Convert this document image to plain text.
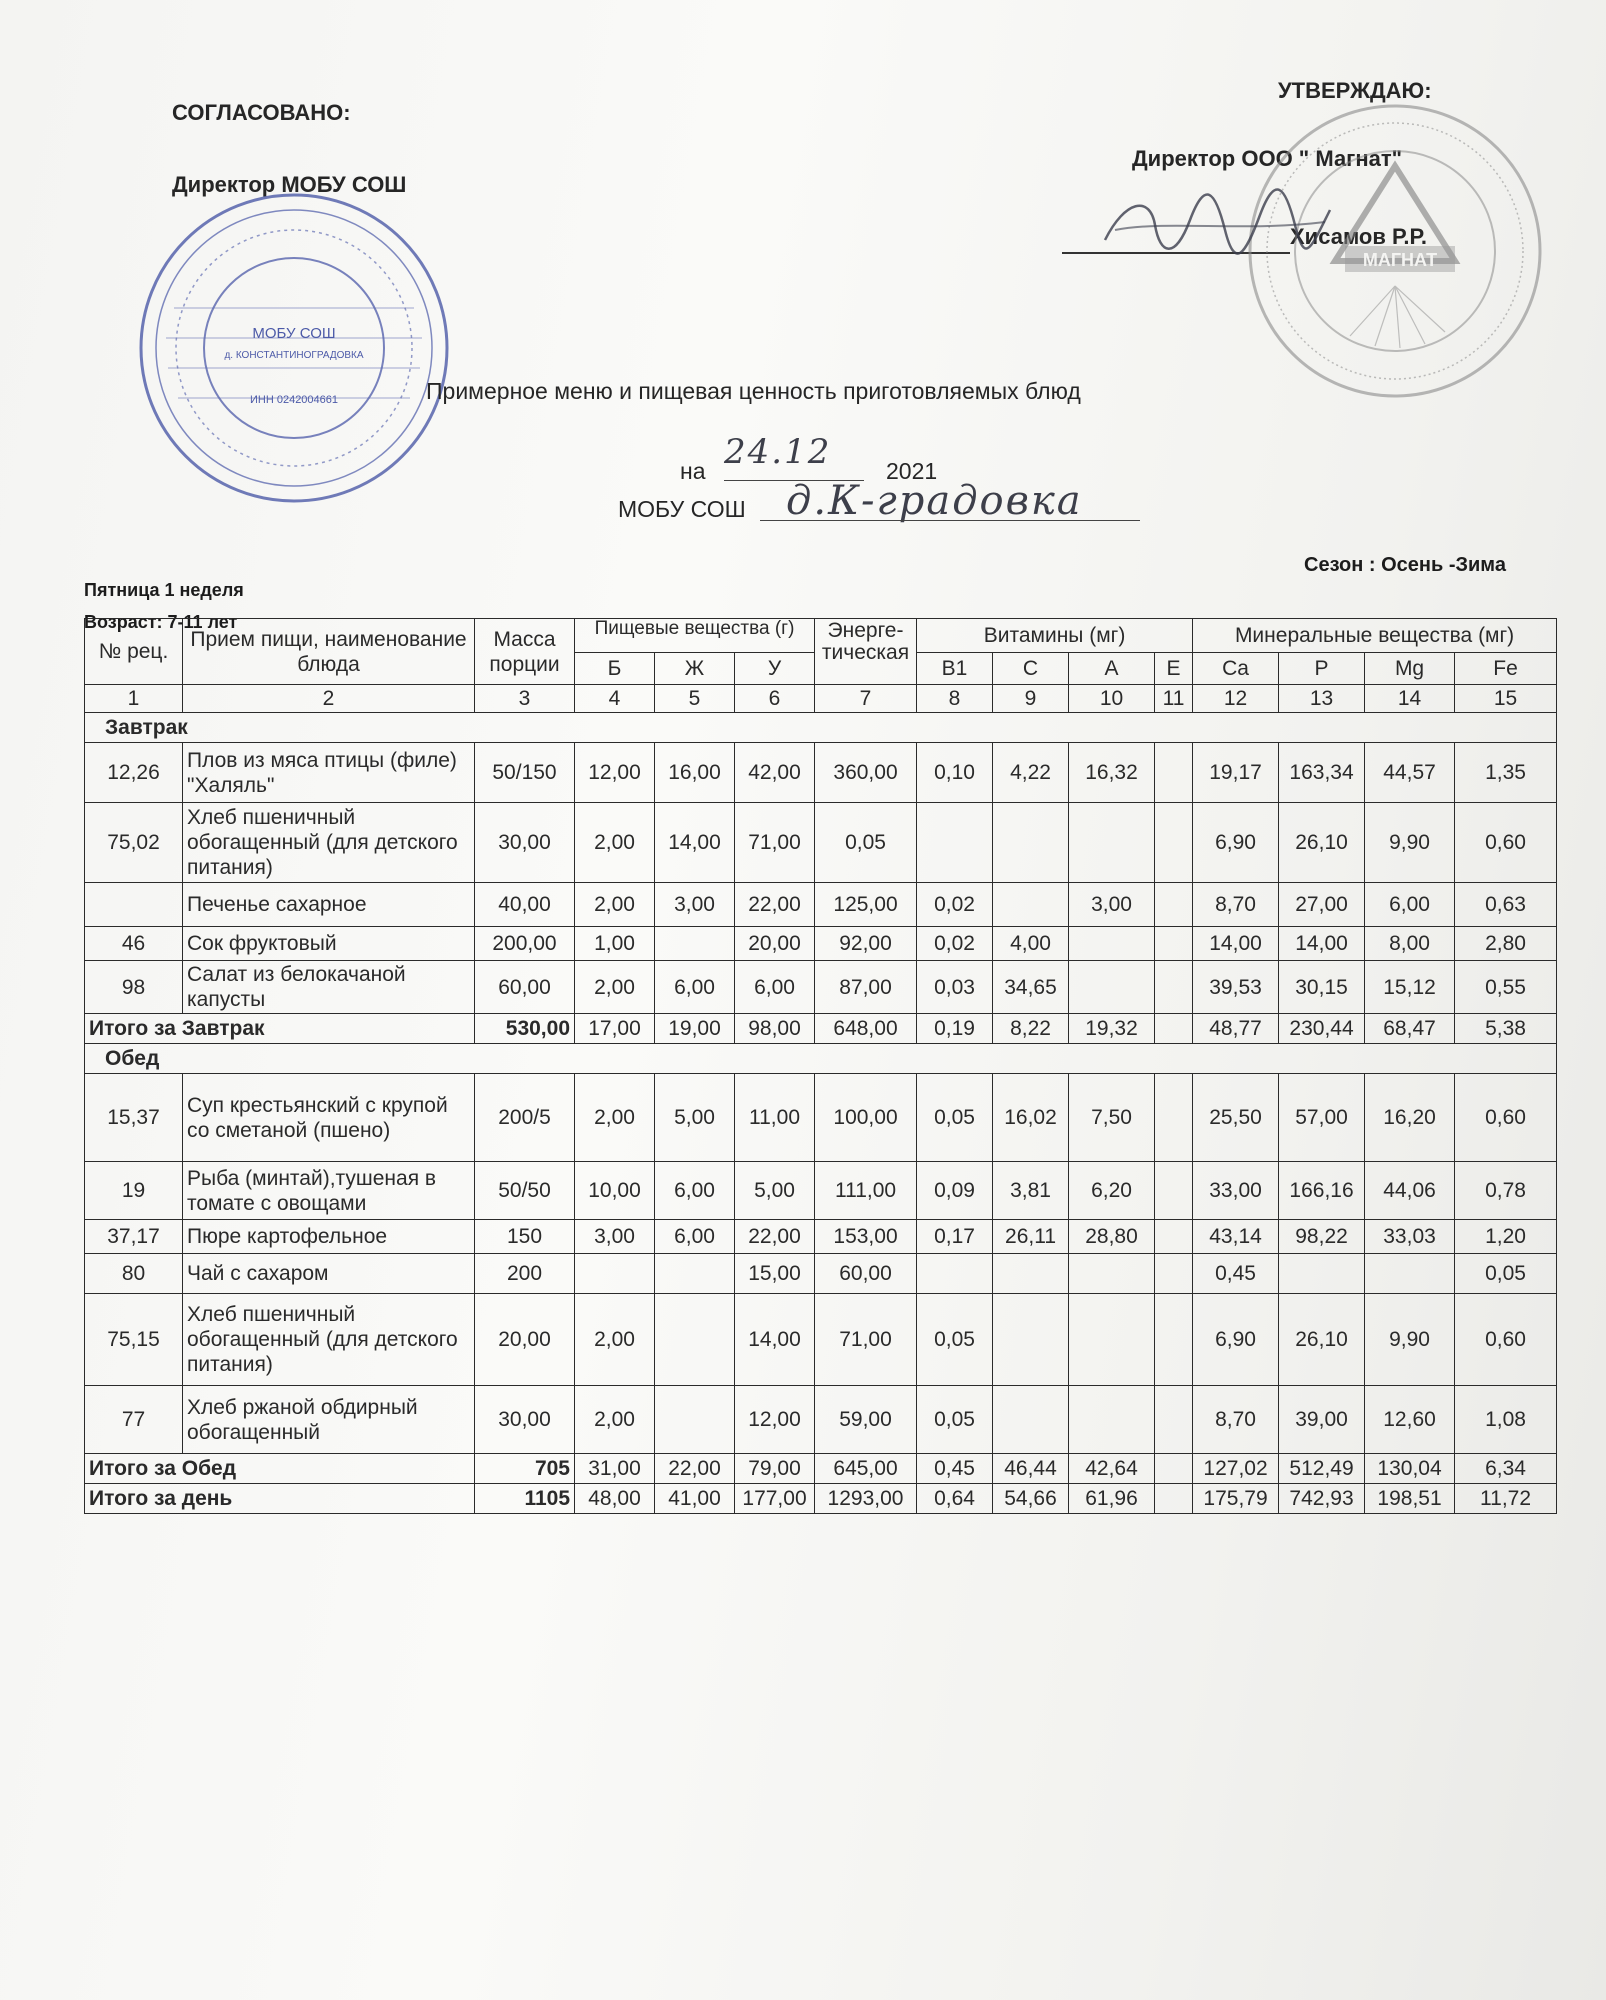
СОГЛАСОВАНО:
Директор МОБУ СОШ
УТВЕРЖДАЮ:
Директор ООО " Магнат"
Хисамов Р.Р.
МОБУ СОШ
д. КОНСТАНТИНОГРАДОВКА
ИНН 0242004661
МАГНАТ
Примерное меню и пищевая ценность приготовляемых блюд
на 24.12 2021
МОБУ СОШ д.К-градовка
Пятница 1 неделя
Возраст: 7-11 лет
Сезон : Осень -Зима
№ рец.	Прием пищи, наименование блюда	Масса порции	Пищевые вещества (г)			Энерге-тическая	Витамины (мг)				Минеральные вещества (мг)			
			Б	Ж	У		B1	C	A	E	Ca	P	Mg	Fe
1	2	3	4	5	6	7	8	9	10	11	12	13	14	15
Завтрак														
12,26	Плов из мяса птицы (филе) "Халяль"	50/150	12,00	16,00	42,00	360,00	0,10	4,22	16,32		19,17	163,34	44,57	1,35
75,02	Хлеб пшеничный обогащенный (для детского питания)	30,00	2,00	14,00	71,00	0,05					6,90	26,10	9,90	0,60
	Печенье сахарное	40,00	2,00	3,00	22,00	125,00	0,02		3,00		8,70	27,00	6,00	0,63
46	Сок фруктовый	200,00	1,00		20,00	92,00	0,02	4,00			14,00	14,00	8,00	2,80
98	Салат из белокачаной капусты	60,00	2,00	6,00	6,00	87,00	0,03	34,65			39,53	30,15	15,12	0,55
Итого за Завтрак		530,00	17,00	19,00	98,00	648,00	0,19	8,22	19,32		48,77	230,44	68,47	5,38
Обед														
15,37	Суп крестьянский с крупой со сметаной (пшено)	200/5	2,00	5,00	11,00	100,00	0,05	16,02	7,50		25,50	57,00	16,20	0,60
19	Рыба (минтай),тушеная в томате с овощами	50/50	10,00	6,00	5,00	111,00	0,09	3,81	6,20		33,00	166,16	44,06	0,78
37,17	Пюре картофельное	150	3,00	6,00	22,00	153,00	0,17	26,11	28,80		43,14	98,22	33,03	1,20
80	Чай с сахаром	200			15,00	60,00					0,45			0,05
75,15	Хлеб пшеничный обогащенный (для детского питания)	20,00	2,00		14,00	71,00	0,05				6,90	26,10	9,90	0,60
77	Хлеб ржаной обдирный обогащенный	30,00	2,00		12,00	59,00	0,05				8,70	39,00	12,60	1,08
Итого за Обед		705	31,00	22,00	79,00	645,00	0,45	46,44	42,64		127,02	512,49	130,04	6,34
Итого за день		1105	48,00	41,00	177,00	1293,00	0,64	54,66	61,96		175,79	742,93	198,51	11,72
